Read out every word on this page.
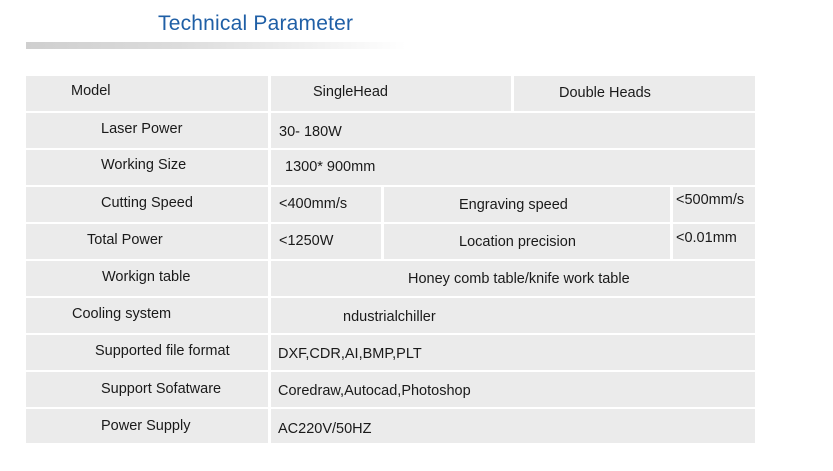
Technical Parameter
Model	SingleHead	Double Heads
Laser Power	30- 180W
Working Size	1300* 900mm
Cutting Speed	<400mm/s	Engraving speed	<500mm/s
Total Power	<1250W	Location precision	<0.01mm
Workign table	Honey comb table/knife work table
Cooling system	ndustrialchiller
Supported file format	DXF,CDR,AI,BMP,PLT
Support Sofatware	Coredraw,Autocad,Photoshop
Power Supply	AC220V/50HZ
